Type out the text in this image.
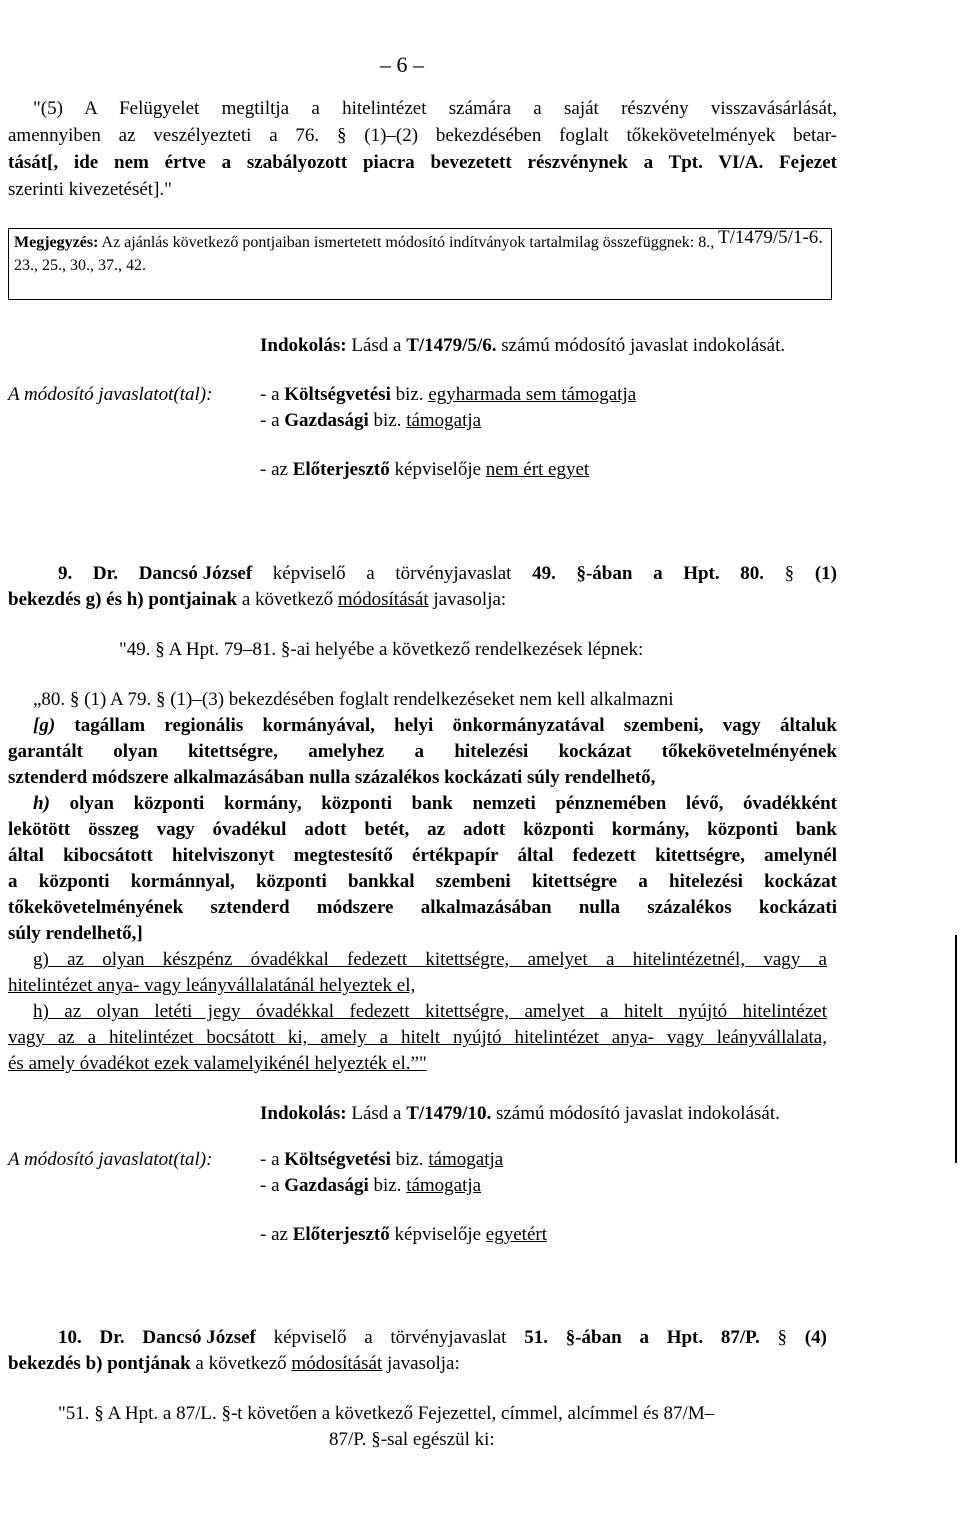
– 6 –
"(5) A Felügyelet megtiltja a hitelintézet számára a saját részvény visszavásárlását,
amennyiben az veszélyezteti a 76. § (1)–(2) bekezdésében foglalt tőkekövetelmények betar-
tását[, ide nem értve a szabályozott piacra bevezetett részvénynek a Tpt. VI/A. Fejezet
szerinti kivezetését]."
T/1479/5/1-6.
Megjegyzés: Az ajánlás következő pontjaiban ismertetett módosító indítványok tartalmilag összefüggnek: 8.,
23., 25., 30., 37., 42.
Indokolás: Lásd a T/1479/5/6. számú módosító javaslat indokolását.
A módosító javaslatot(tal):	- a Költségvetési biz. egyharmada sem támogatja
- a Gazdasági biz. támogatja
- az Előterjesztő képviselője nem ért egyet
9. Dr. Dancsó József képviselő a törvényjavaslat 49. §-ában a Hpt. 80. § (1)
bekezdés g) és h) pontjainak a következő módosítását javasolja:
"49. § A Hpt. 79–81. §-ai helyébe a következő rendelkezések lépnek:
„80. § (1) A 79. § (1)–(3) bekezdésében foglalt rendelkezéseket nem kell alkalmazni
[g) tagállam regionális kormányával, helyi önkormányzatával szembeni, vagy általuk
garantált olyan kitettségre, amelyhez a hitelezési kockázat tőkekövetelményének
sztenderd módszere alkalmazásában nulla százalékos kockázati súly rendelhető,
h) olyan központi kormány, központi bank nemzeti pénznemében lévő, óvadékként
lekötött összeg vagy óvadékul adott betét, az adott központi kormány, központi bank
által kibocsátott hitelviszonyt megtestesítő értékpapír által fedezett kitettségre, amelynél
a központi kormánnyal, központi bankkal szembeni kitettségre a hitelezési kockázat
tőkekövetelményének sztenderd módszere alkalmazásában nulla százalékos kockázati
súly rendelhető,]
g) az olyan készpénz óvadékkal fedezett kitettségre, amelyet a hitelintézetnél, vagy a
hitelintézet anya- vagy leányvállalatánál helyeztek el,
h) az olyan letéti jegy óvadékkal fedezett kitettségre, amelyet a hitelt nyújtó hitelintézet
vagy az a hitelintézet bocsátott ki, amely a hitelt nyújtó hitelintézet anya- vagy leányvállalata,
és amely óvadékot ezek valamelyikénél helyezték el.”"
Indokolás: Lásd a T/1479/10. számú módosító javaslat indokolását.
A módosító javaslatot(tal):	- a Költségvetési biz. támogatja
- a Gazdasági biz. támogatja
- az Előterjesztő képviselője egyetért
10. Dr. Dancsó József képviselő a törvényjavaslat 51. §-ában a Hpt. 87/P. § (4)
bekezdés b) pontjának a következő módosítását javasolja:
"51. § A Hpt. a 87/L. §-t követően a következő Fejezettel, címmel, alcímmel és 87/M–
87/P. §-sal egészül ki:
